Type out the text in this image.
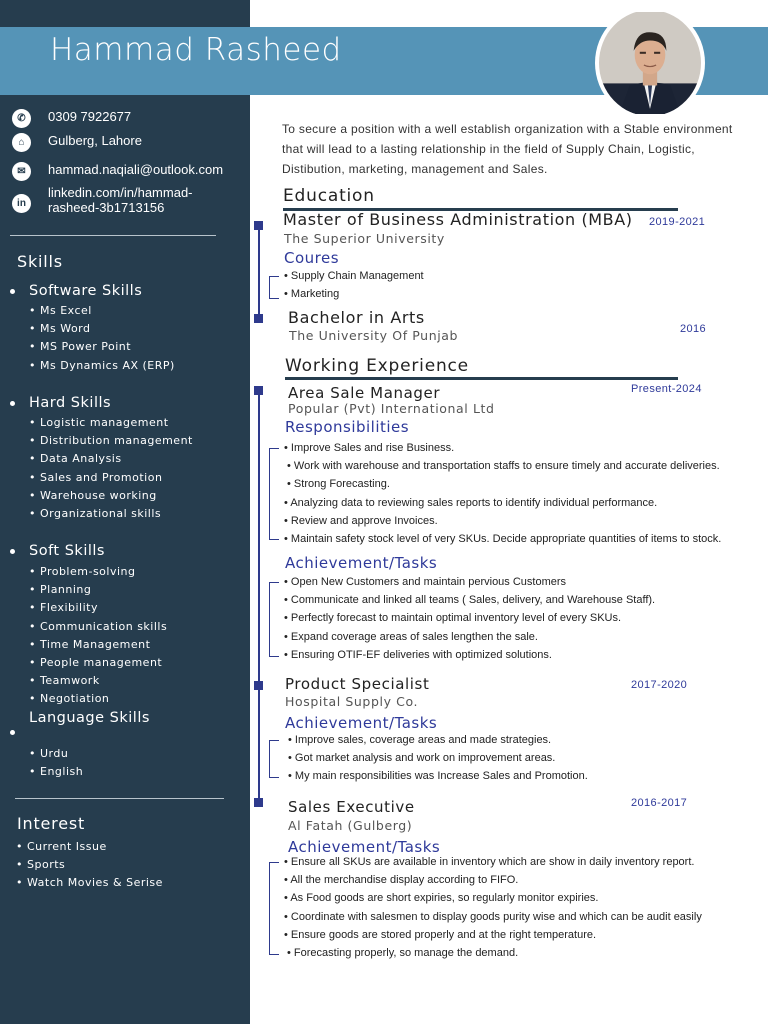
Hammad Rasheed
✆	0309 7922677
⌂	Gulberg, Lahore
✉	hammad.naqiali@outlook.com
in
linkedin.com/in/hammad-
rasheed-3b1713156
Skills
Software Skills
• Ms Excel
• Ms Word
• MS Power Point
• Ms Dynamics AX (ERP)
Hard Skills
• Logistic management
• Distribution management
• Data Analysis
• Sales and Promotion
• Warehouse working
• Organizational skills
Soft Skills
• Problem-solving
• Planning
• Flexibility
• Communication skills
• Time Management
• People management
• Teamwork
• Negotiation
Language Skills
• Urdu
• English
Interest
• Current Issue
• Sports
• Watch Movies & Serise
To secure a position with a well establish organization with a Stable environment that will lead to a lasting relationship in the field of Supply Chain, Logistic, Distibution, marketing, management and Sales.
Education
Master of Business Administration (MBA) 2019-2021
The Superior University
Coures
• Supply Chain Management
• Marketing
Bachelor in Arts
2016
The University Of Punjab
Working Experience
Area Sale Manager	Present-2024
Popular (Pvt) International Ltd
Responsibilities
• Improve Sales and rise Business.
• Work with warehouse and transportation staffs to ensure timely and accurate deliveries.
• Strong Forecasting.
• Analyzing data to reviewing sales reports to identify individual performance.
• Review and approve Invoices.
• Maintain safety stock level of very SKUs. Decide appropriate quantities of items to stock.
Achievement/Tasks
• Open New Customers and maintain pervious Customers
• Communicate and linked all teams ( Sales, delivery, and Warehouse Staff).
• Perfectly forecast to maintain optimal inventory level of every SKUs.
• Expand coverage areas of sales lengthen the sale.
• Ensuring OTIF-EF deliveries with optimized solutions.
Product Specialist	2017-2020
Hospital Supply Co.
Achievement/Tasks
• Improve sales, coverage areas and made strategies.
• Got market analysis and work on improvement areas.
• My main responsibilities was Increase Sales and Promotion.
Sales Executive	2016-2017
Al Fatah (Gulberg)
Achievement/Tasks
• Ensure all SKUs are available in inventory which are show in daily inventory report.
• All the merchandise display according to FIFO.
• As Food goods are short expiries, so regularly monitor expiries.
• Coordinate with salesmen to display goods purity wise and which can be audit easily
• Ensure goods are stored properly and at the right temperature.
• Forecasting properly, so manage the demand.
